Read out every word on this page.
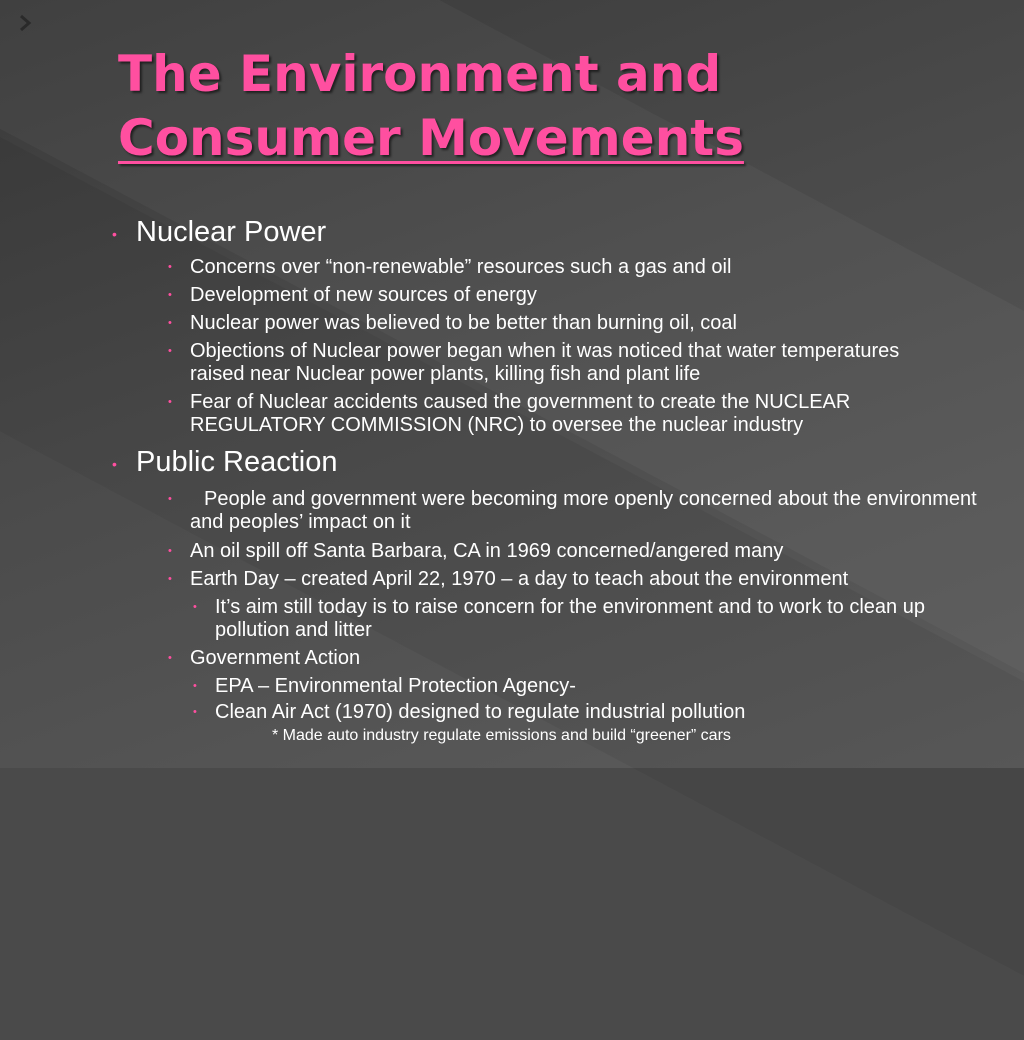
The Environment and
Consumer Movements
• Nuclear Power
• Concerns over “non-renewable” resources such a gas and oil
• Development of new sources of energy
• Nuclear power was believed to be better than burning oil, coal
• Objections of Nuclear power began when it was noticed that water temperatures raised near Nuclear power plants, killing fish and plant life
• Fear of Nuclear accidents caused the government to create the NUCLEAR REGULATORY COMMISSION (NRC) to oversee the nuclear industry
• Public Reaction
• People and government were becoming more openly concerned about the environment and peoples’ impact on it
• An oil spill off Santa Barbara, CA in 1969 concerned/angered many
• Earth Day – created April 22, 1970 – a day to teach about the environment
• It’s aim still today is to raise concern for the environment and to work to clean up pollution and litter
• Government Action
• EPA – Environmental Protection Agency-
• Clean Air Act (1970) designed to regulate industrial pollution
* Made auto industry regulate emissions and build “greener” cars
